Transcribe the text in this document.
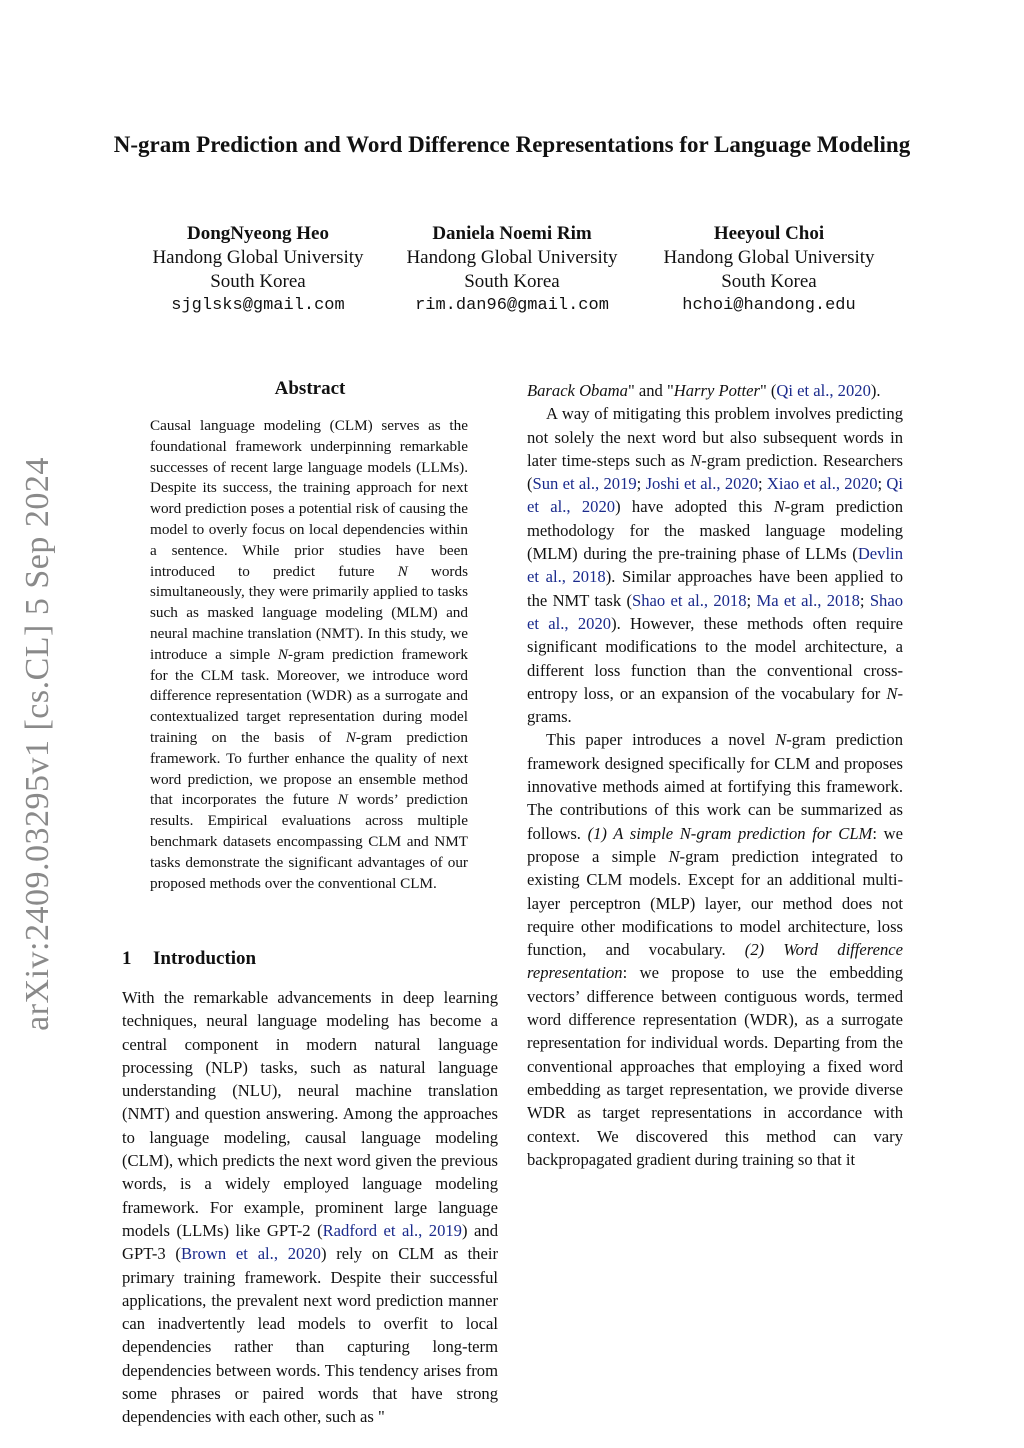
arXiv:2409.03295v1 [cs.CL] 5 Sep 2024
N-gram Prediction and Word Difference Representations for Language Modeling
DongNyeong Heo
Handong Global University
South Korea
sjglsks@gmail.com
Daniela Noemi Rim
Handong Global University
South Korea
rim.dan96@gmail.com
Heeyoul Choi
Handong Global University
South Korea
hchoi@handong.edu
Abstract
Causal language modeling (CLM) serves as the foundational framework underpinning remarkable successes of recent large language models (LLMs). Despite its success, the training approach for next word prediction poses a potential risk of causing the model to overly focus on local dependencies within a sentence. While prior studies have been introduced to predict future N words simultaneously, they were primarily applied to tasks such as masked language modeling (MLM) and neural machine translation (NMT). In this study, we introduce a simple N-gram prediction framework for the CLM task. Moreover, we introduce word difference representation (WDR) as a surrogate and contextualized target representation during model training on the basis of N-gram prediction framework. To further enhance the quality of next word prediction, we propose an ensemble method that incorporates the future N words’ prediction results. Empirical evaluations across multiple benchmark datasets encompassing CLM and NMT tasks demonstrate the significant advantages of our proposed methods over the conventional CLM.
1 Introduction

With the remarkable advancements in deep learning techniques, neural language modeling has become a central component in modern natural language processing (NLP) tasks, such as natural language understanding (NLU), neural machine translation (NMT) and question answering. Among the approaches to language modeling, causal language modeling (CLM), which predicts the next word given the previous words, is a widely employed language modeling framework. For example, prominent large language models (LLMs) like GPT-2 (Radford et al., 2019) and GPT-3 (Brown et al., 2020) rely on CLM as their primary training framework. Despite their successful applications, the prevalent next word prediction manner can inadvertently lead models to overfit to local dependencies rather than capturing long-term dependencies between words. This tendency arises from some phrases or paired words that have strong dependencies with each other, such as "

Barack Obama" and "Harry Potter" (Qi et al., 2020).

A way of mitigating this problem involves predicting not solely the next word but also subsequent words in later time-steps such as N-gram prediction. Researchers (Sun et al., 2019; Joshi et al., 2020; Xiao et al., 2020; Qi et al., 2020) have adopted this N-gram prediction methodology for the masked language modeling (MLM) during the pre-training phase of LLMs (Devlin et al., 2018). Similar approaches have been applied to the NMT task (Shao et al., 2018; Ma et al., 2018; Shao et al., 2020). However, these methods often require significant modifications to the model architecture, a different loss function than the conventional cross-entropy loss, or an expansion of the vocabulary for N-grams.

This paper introduces a novel N-gram prediction framework designed specifically for CLM and proposes innovative methods aimed at fortifying this framework. The contributions of this work can be summarized as follows. (1) A simple N-gram prediction for CLM: we propose a simple N-gram prediction integrated to existing CLM models. Except for an additional multi-layer perceptron (MLP) layer, our method does not require other modifications to model architecture, loss function, and vocabulary. (2) Word difference representation: we propose to use the embedding vectors’ difference between contiguous words, termed word difference representation (WDR), as a surrogate representation for individual words. Departing from the conventional approaches that employing a fixed word embedding as target representation, we provide diverse WDR as target representations in accordance with context. We discovered this method can vary backpropagated gradient during training so that it
